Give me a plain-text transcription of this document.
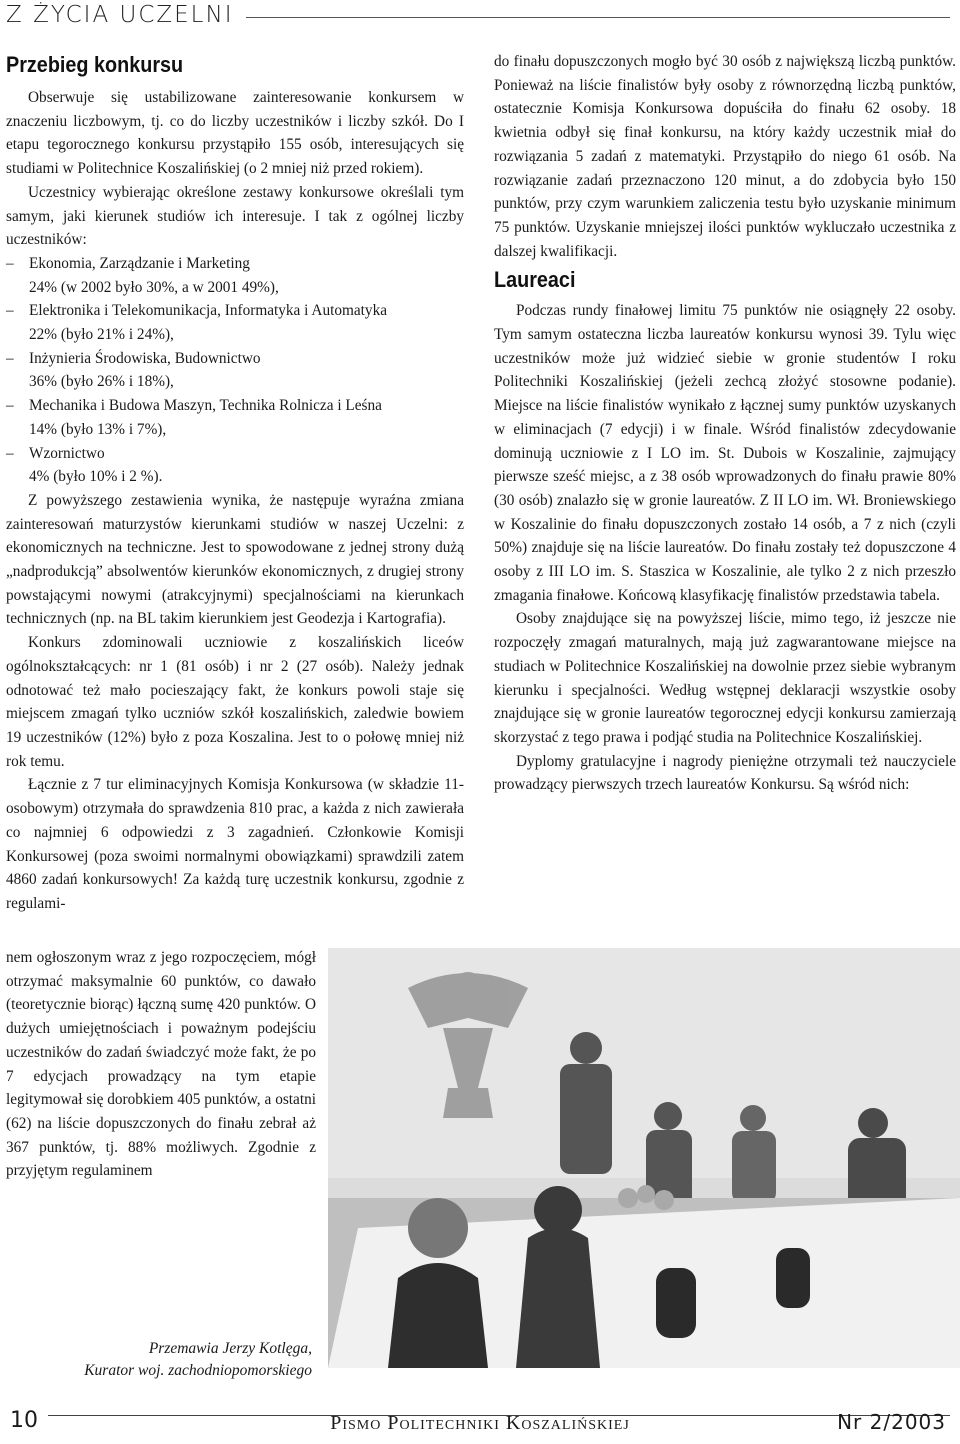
Z ŻYCIA UCZELNI
Przebieg konkursu

Obserwuje się ustabilizowane zainteresowanie konkursem w znaczeniu liczbowym, tj. co do liczby uczestników i liczby szkół. Do I etapu tegorocznego konkursu przystąpiło 155 osób, interesujących się studiami w Politechnice Koszalińskiej (o 2 mniej niż przed rokiem).

Uczestnicy wybierając określone zestawy konkursowe określali tym samym, jaki kierunek studiów ich interesuje. I tak z ogólnej liczby uczestników:

– Ekonomia, Zarządzanie i Marketing
24% (w 2002 było 30%, a w 2001 49%),
– Elektronika i Telekomunikacja, Informatyka i Automatyka
22% (było 21% i 24%),
– Inżynieria Środowiska, Budownictwo
36% (było 26% i 18%),
– Mechanika i Budowa Maszyn, Technika Rolnicza i Leśna
14% (było 13% i 7%),
– Wzornictwo
4% (było 10% i 2 %).

Z powyższego zestawienia wynika, że następuje wyraźna zmiana zainteresowań maturzystów kierunkami studiów w naszej Uczelni: z ekonomicznych na techniczne. Jest to spowodowane z jednej strony dużą „nadprodukcją” absolwentów kierunków ekonomicznych, z drugiej strony powstającymi nowymi (atrakcyjnymi) specjalnościami na kierunkach technicznych (np. na BL takim kierunkiem jest Geodezja i Kartografia).

Konkurs zdominowali uczniowie z koszalińskich liceów ogólnokształcących: nr 1 (81 osób) i nr 2 (27 osób). Należy jednak odnotować też mało pocieszający fakt, że konkurs powoli staje się miejscem zmagań tylko uczniów szkół koszalińskich, zaledwie bowiem 19 uczestników (12%) było z poza Koszalina. Jest to o połowę mniej niż rok temu.

Łącznie z 7 tur eliminacyjnych Komisja Konkursowa (w składzie 11-osobowym) otrzymała do sprawdzenia 810 prac, a każda z nich zawierała co najmniej 6 odpowiedzi z 3 zagadnień. Członkowie Komisji Konkursowej (poza swoimi normalnymi obowiązkami) sprawdzili zatem 4860 zadań konkursowych! Za każdą turę uczestnik konkursu, zgodnie z regulami-

nem ogłoszonym wraz z jego rozpoczęciem, mógł otrzymać maksymalnie 60 punktów, co dawało (teoretycznie biorąc) łączną sumę 420 punktów. O dużych umiejętnościach i poważnym podejściu uczestników do zadań świadczyć może fakt, że po 7 edycjach prowadzący na tym etapie legitymował się dorobkiem 405 punktów, a ostatni (62) na liście dopuszczonych do finału zebrał aż 367 punktów, tj. 88% możliwych. Zgodnie z przyjętym regulaminem

do finału dopuszczonych mogło być 30 osób z największą liczbą punktów. Ponieważ na liście finalistów były osoby z równorzędną liczbą punktów, ostatecznie Komisja Konkursowa dopuściła do finału 62 osoby. 18 kwietnia odbył się finał konkursu, na który każdy uczestnik miał do rozwiązania 5 zadań z matematyki. Przystąpiło do niego 61 osób. Na rozwiązanie zadań przeznaczono 120 minut, a do zdobycia było 150 punktów, przy czym warunkiem zaliczenia testu było uzyskanie minimum 75 punktów. Uzyskanie mniejszej ilości punktów wykluczało uczestnika z dalszej kwalifikacji.

Laureaci

Podczas rundy finałowej limitu 75 punktów nie osiągnęły 22 osoby. Tym samym ostateczna liczba laureatów konkursu wynosi 39. Tylu więc uczestników może już widzieć siebie w gronie studentów I roku Politechniki Koszalińskiej (jeżeli zechcą złożyć stosowne podanie). Miejsce na liście finalistów wynikało z łącznej sumy punktów uzyskanych w eliminacjach (7 edycji) i w finale. Wśród finalistów zdecydowanie dominują uczniowie z I LO im. St. Dubois w Koszalinie, zajmujący pierwsze sześć miejsc, a z 38 osób wprowadzonych do finału prawie 80% (30 osób) znalazło się w gronie laureatów. Z II LO im. Wł. Broniewskiego w Koszalinie do finału dopuszczonych zostało 14 osób, a 7 z nich (czyli 50%) znajduje się na liście laureatów. Do finału zostały też dopuszczone 4 osoby z III LO im. S. Staszica w Koszalinie, ale tylko 2 z nich przeszło zmagania finałowe. Końcową klasyfikację finalistów przedstawia tabela.

Osoby znajdujące się na powyższej liście, mimo tego, iż jeszcze nie rozpoczęły zmagań maturalnych, mają już zagwarantowane miejsce na studiach w Politechnice Koszalińskiej na dowolnie przez siebie wybranym kierunku i specjalności. Według wstępnej deklaracji wszystkie osoby znajdujące się w gronie laureatów tegorocznej edycji konkursu zamierzają skorzystać z tego prawa i podjąć studia na Politechnice Koszalińskiej.

Dyplomy gratulacyjne i nagrody pieniężne otrzymali też nauczyciele prowadzący pierwszych trzech laureatów Konkursu. Są wśród nich:

Przemawia Jerzy Kotlęga,
Kurator woj. zachodniopomorskiego
10	Pismo Politechniki Koszalińskiej	Nr 2/2003
